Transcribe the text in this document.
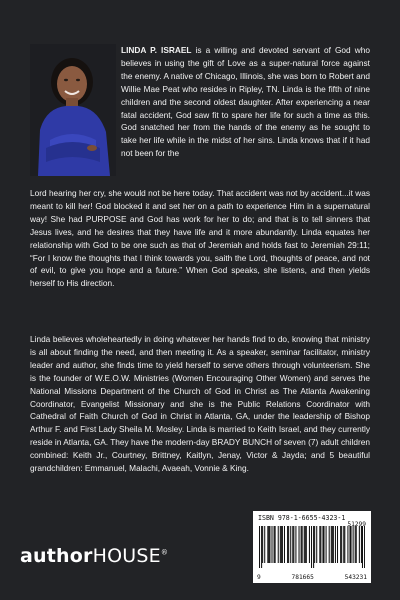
LINDA P. ISRAEL is a willing and devoted servant of God who believes in using the gift of Love as a super-natural force against the enemy. A native of Chicago, Illinois, she was born to Robert and Willie Mae Peat who resides in Ripley, TN. Linda is the fifth of nine children and the second oldest daughter. After experiencing a near fatal accident, God saw fit to spare her life for such a time as this. God snatched her from the hands of the enemy as he sought to take her life while in the midst of her sins. Linda knows that if it had not been for the

Lord hearing her cry, she would not be here today. That accident was not by accident...it was meant to kill her! God blocked it and set her on a path to experience Him in a supernatural way! She had PURPOSE and God has work for her to do; and that is to tell sinners that Jesus lives, and he desires that they have life and it more abundantly. Linda equates her relationship with God to be one such as that of Jeremiah and holds fast to Jeremiah 29:11; “For I know the thoughts that I think towards you, saith the Lord, thoughts of peace, and not of evil, to give you hope and a future.” When God speaks, she listens, and then yields herself to His direction.

Linda believes wholeheartedly in doing whatever her hands find to do, knowing that ministry is all about finding the need, and then meeting it. As a speaker, seminar facilitator, ministry leader and author, she finds time to yield herself to serve others through volunteerism. She is the founder of W.E.O.W. Ministries (Women Encouraging Other Women) and serves the National Missions Department of the Church of God in Christ as The Atlanta Awakening Coordinator, Evangelist Missionary and she is the Public Relations Coordinator with Cathedral of Faith Church of God in Christ in Atlanta, GA, under the leadership of Bishop Arthur F. and First Lady Sheila M. Mosley. Linda is married to Keith Israel, and they currently reside in Atlanta, GA. They have the modern-day BRADY BUNCH of seven (7) adult children combined: Keith Jr., Courtney, Brittney, Kaitlyn, Jenay, Victor & Jayda; and 5 beautiful grandchildren: Emmanuel, Malachi, Avaeah, Vonnie & King.

authorHOUSE®
ISBN 978-1-6655-4323-1
51299
9	781665	543231
